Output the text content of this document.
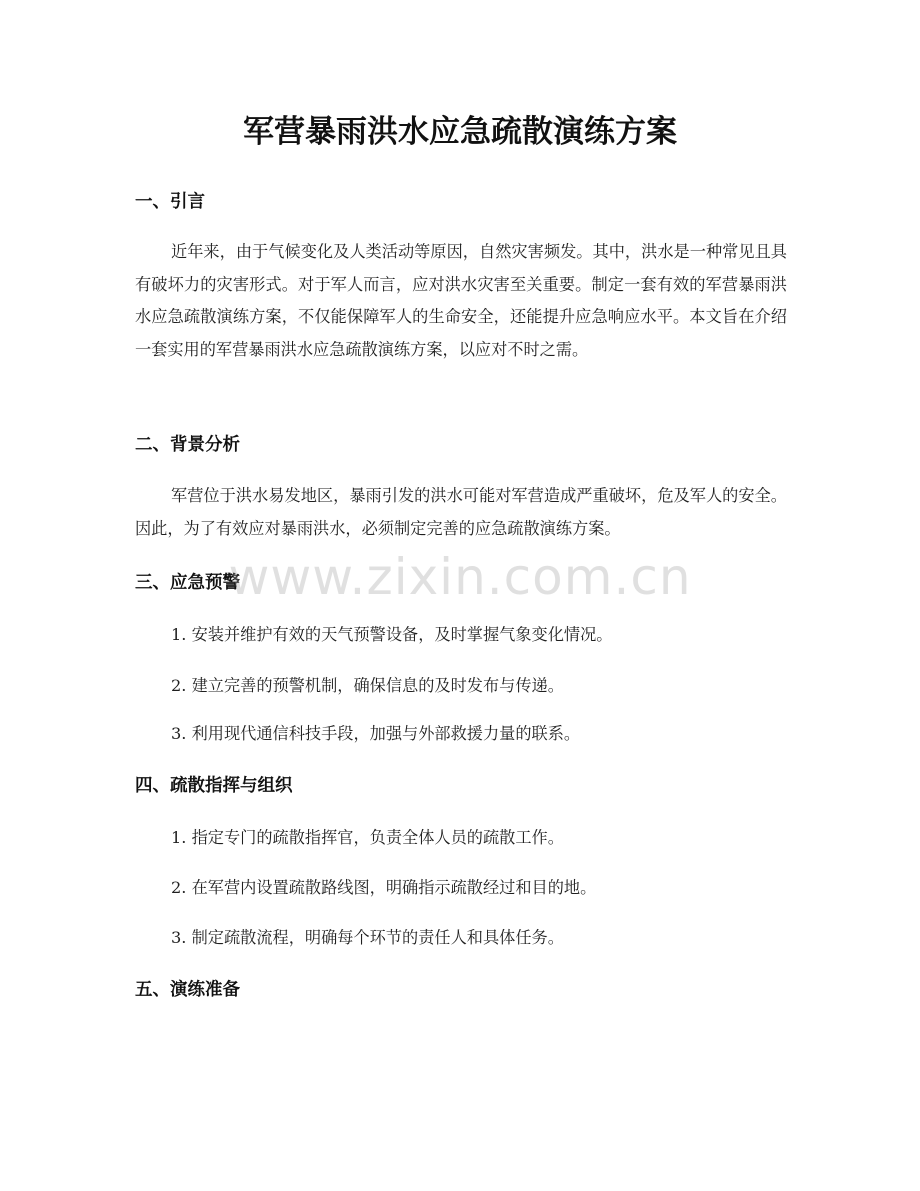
军营暴雨洪水应急疏散演练方案
一、引言

近年来，由于气候变化及人类活动等原因，自然灾害频发。其中，洪水是一种常见且具有破坏力的灾害形式。对于军人而言，应对洪水灾害至关重要。制定一套有效的军营暴雨洪水应急疏散演练方案，不仅能保障军人的生命安全，还能提升应急响应水平。本文旨在介绍一套实用的军营暴雨洪水应急疏散演练方案，以应对不时之需。

二、背景分析

军营位于洪水易发地区，暴雨引发的洪水可能对军营造成严重破坏，危及军人的安全。因此，为了有效应对暴雨洪水，必须制定完善的应急疏散演练方案。

三、应急预警

1. 安装并维护有效的天气预警设备，及时掌握气象变化情况。

2. 建立完善的预警机制，确保信息的及时发布与传递。

3. 利用现代通信科技手段，加强与外部救援力量的联系。

四、疏散指挥与组织

1. 指定专门的疏散指挥官，负责全体人员的疏散工作。

2. 在军营内设置疏散路线图，明确指示疏散经过和目的地。

3. 制定疏散流程，明确每个环节的责任人和具体任务。

五、演练准备
www.zixin.com.cn
